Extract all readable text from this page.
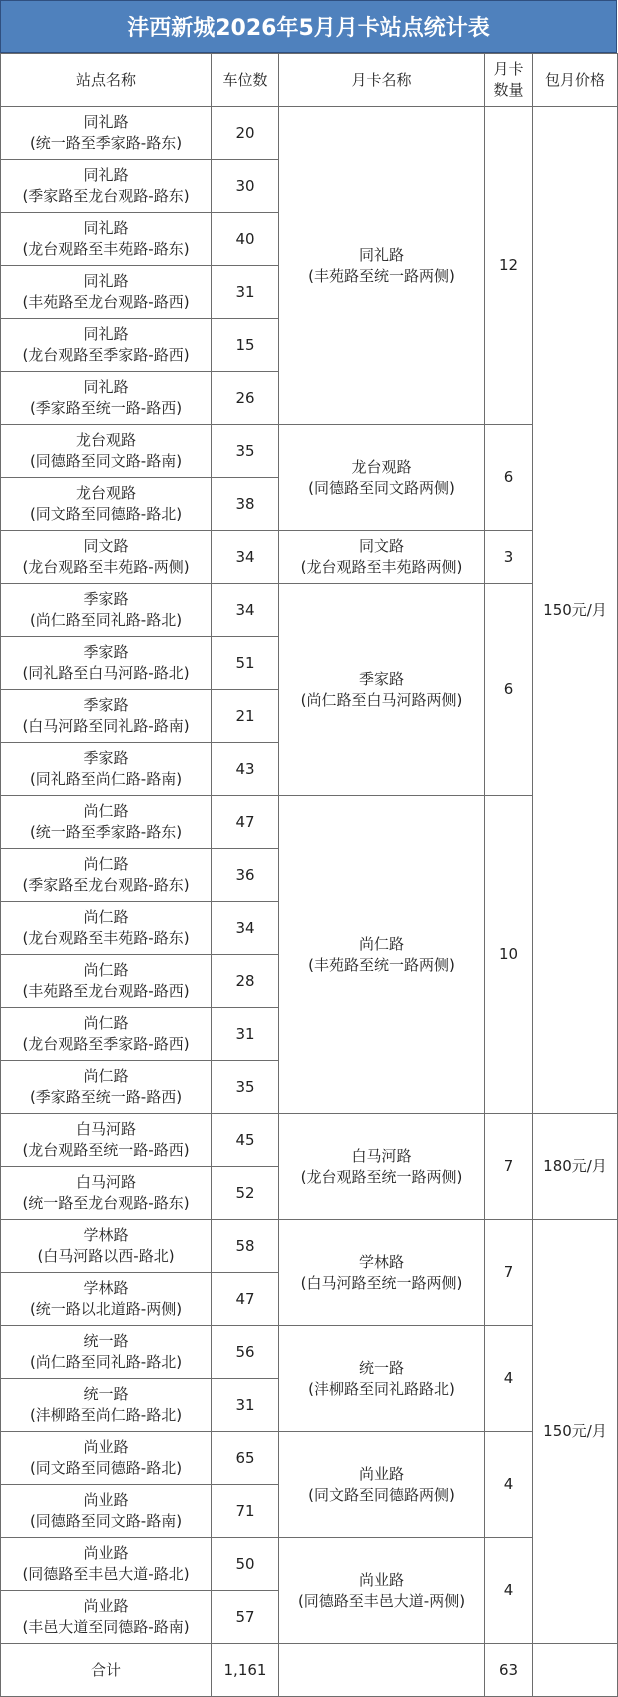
沣西新城2026年5月月卡站点统计表
站点名称	车位数	月卡名称	月卡
数量	包月价格

同礼路
(统一路至季家路-路东)	20	同礼路
(丰苑路至统一路两侧)	12	150元/月

同礼路
(季家路至龙台观路-路东)	30			

同礼路
(龙台观路至丰苑路-路东)	40			

同礼路
(丰苑路至龙台观路-路西)	31			

同礼路
(龙台观路至季家路-路西)	15			

同礼路
(季家路至统一路-路西)	26			

龙台观路
(同德路至同文路-路南)	35	龙台观路
(同德路至同文路两侧)	6	

龙台观路
(同文路至同德路-路北)	38			

同文路
(龙台观路至丰苑路-两侧)	34	同文路
(龙台观路至丰苑路两侧)	3	

季家路
(尚仁路至同礼路-路北)	34	季家路
(尚仁路至白马河路两侧)	6	

季家路
(同礼路至白马河路-路北)	51			

季家路
(白马河路至同礼路-路南)	21			

季家路
(同礼路至尚仁路-路南)	43			

尚仁路
(统一路至季家路-路东)	47	尚仁路
(丰苑路至统一路两侧)	10	

尚仁路
(季家路至龙台观路-路东)	36			

尚仁路
(龙台观路至丰苑路-路东)	34			

尚仁路
(丰苑路至龙台观路-路西)	28			

尚仁路
(龙台观路至季家路-路西)	31			

尚仁路
(季家路至统一路-路西)	35			

白马河路
(龙台观路至统一路-路西)	45	白马河路
(龙台观路至统一路两侧)	7	180元/月

白马河路
(统一路至龙台观路-路东)	52			

学林路
(白马河路以西-路北)	58	学林路
(白马河路至统一路两侧)	7	150元/月

学林路
(统一路以北道路-两侧)	47			

统一路
(尚仁路至同礼路-路北)	56	统一路
(沣柳路至同礼路路北)	4	

统一路
(沣柳路至尚仁路-路北)	31			

尚业路
(同文路至同德路-路北)	65	尚业路
(同文路至同德路两侧)	4	

尚业路
(同德路至同文路-路南)	71			

尚业路
(同德路至丰邑大道-路北)	50	尚业路
(同德路至丰邑大道-两侧)	4	

尚业路
(丰邑大道至同德路-路南)	57			
合计	1,161		63	
